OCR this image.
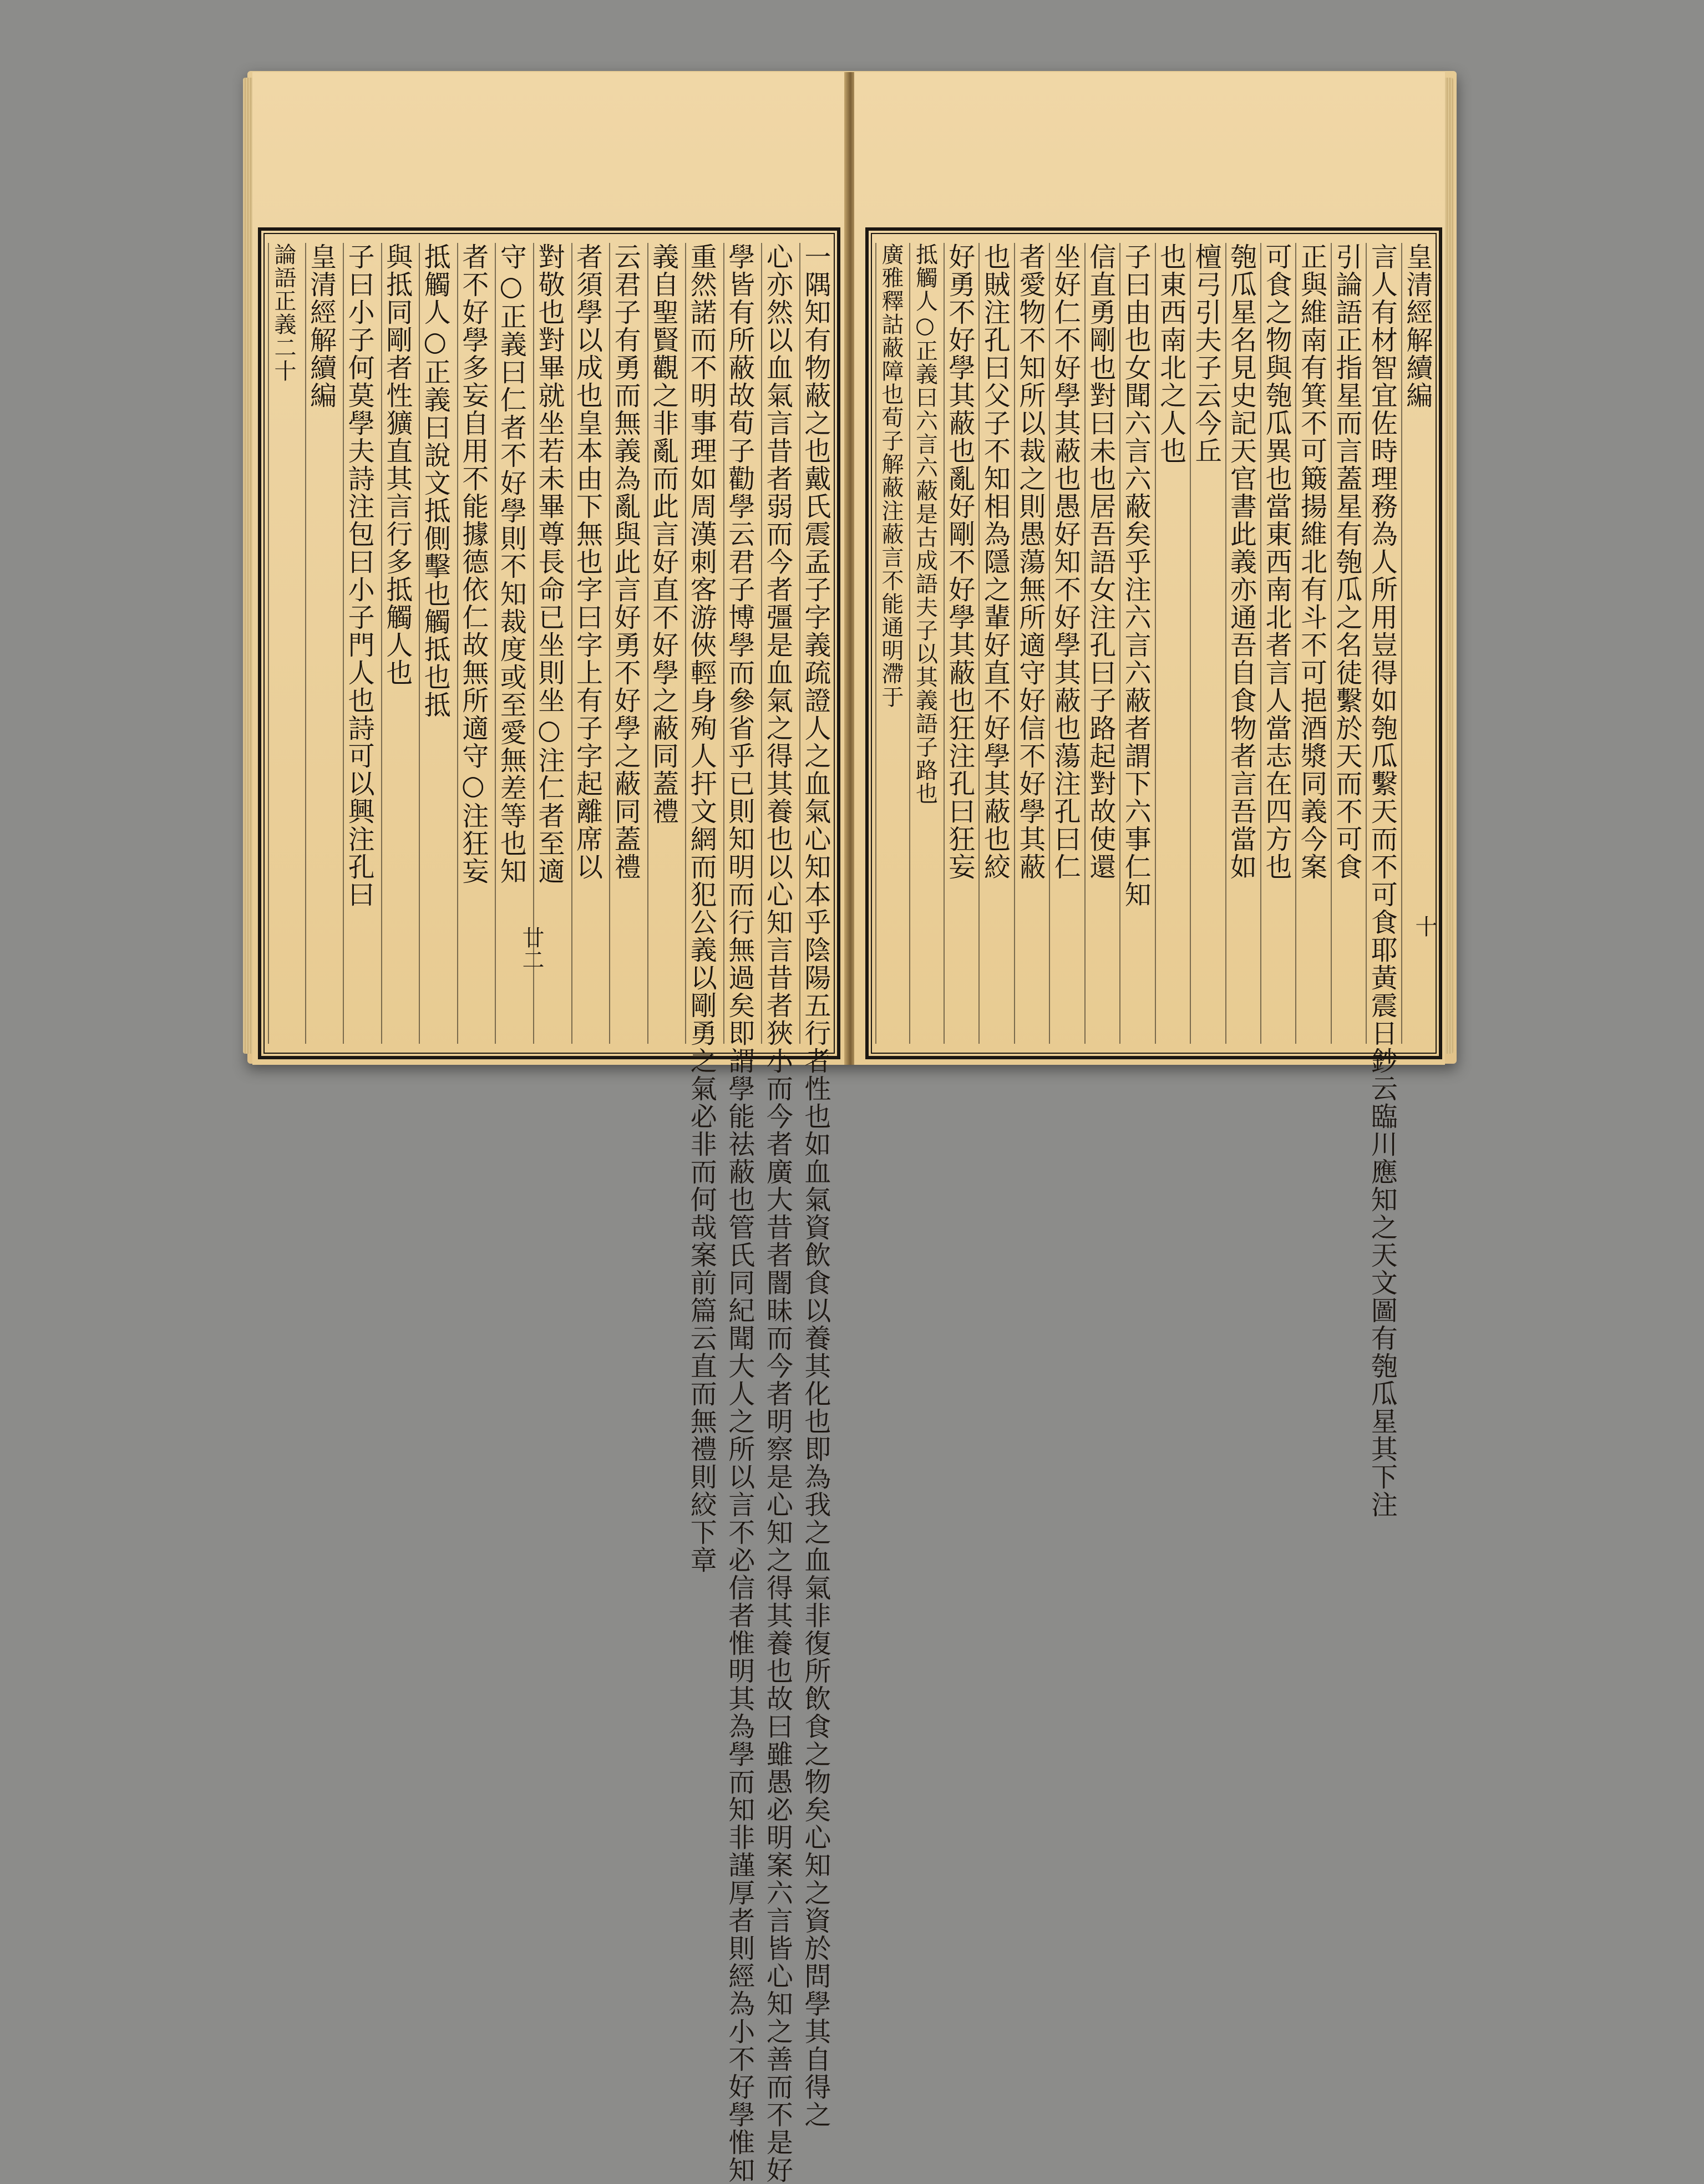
一隅知有物蔽之也戴氏震孟子字義疏證人之血氣心知本乎陰陽五行者性也如血氣資飲食以養其化也即為我之血氣非復所飲食之物矣心知之資於問學其自得之
心亦然以血氣言昔者弱而今者彊是血氣之得其養也以心知言昔者狹小而今者廣大昔者闇昧而今者明察是心知之得其養也故曰雖愚必明案六言皆心知之善而不是好
學皆有所蔽故荀子勸學云君子博學而參省乎已則知明而行無過矣即謂學能祛蔽也管氏同紀聞大人之所以言不必信者惟明其為學而知非謹厚者則經為小不好學惟知
重然諾而不明事理如周漢刺客游俠輕身殉人扞文網而犯公義以剛勇之氣必非而何哉案前篇云直而無禮則絞下章
義自聖賢觀之非亂而此言好直不好學之蔽同蓋禮
云君子有勇而無義為亂與此言好勇不好學之蔽同蓋禮
者須學以成也皇本由下無也字曰字上有子字起離席以
對敬也對畢就坐若未畢尊長命已坐則坐○注仁者至適
守○正義曰仁者不好學則不知裁度或至愛無差等也知
者不好學多妄自用不能據德依仁故無所適守○注狂妄
抵觸人○正義曰說文抵側擊也觸抵也抵
與抵同剛者性獷直其言行多抵觸人也
子曰小子何莫學夫詩注包曰小子門人也詩可以興注孔曰
皇清經解續編
論語正義二十
廿二
皇清經解續編
言人有材智宜佐時理務為人所用豈得如匏瓜繫天而不可食耶黃震日鈔云臨川應知之天文圖有匏瓜星其下注
引論語正指星而言蓋星有匏瓜之名徒繫於天而不可食
正與維南有箕不可簸揚維北有斗不可挹酒漿同義今案
可食之物與匏瓜異也當東西南北者言人當志在四方也
匏瓜星名見史記天官書此義亦通吾自食物者言吾當如
檀弓引夫子云今丘
也東西南北之人也
子曰由也女聞六言六蔽矣乎注六言六蔽者謂下六事仁知
信直勇剛也對曰未也居吾語女注孔曰子路起對故使還
坐好仁不好學其蔽也愚好知不好學其蔽也蕩注孔曰仁
者愛物不知所以裁之則愚蕩無所適守好信不好學其蔽
也賊注孔曰父子不知相為隱之輩好直不好學其蔽也絞
好勇不好學其蔽也亂好剛不好學其蔽也狂注孔曰狂妄
抵觸人○正義曰六言六蔽是古成語夫子以其義語子路也
廣雅釋詁蔽障也荀子解蔽注蔽言不能通明滯于
十
